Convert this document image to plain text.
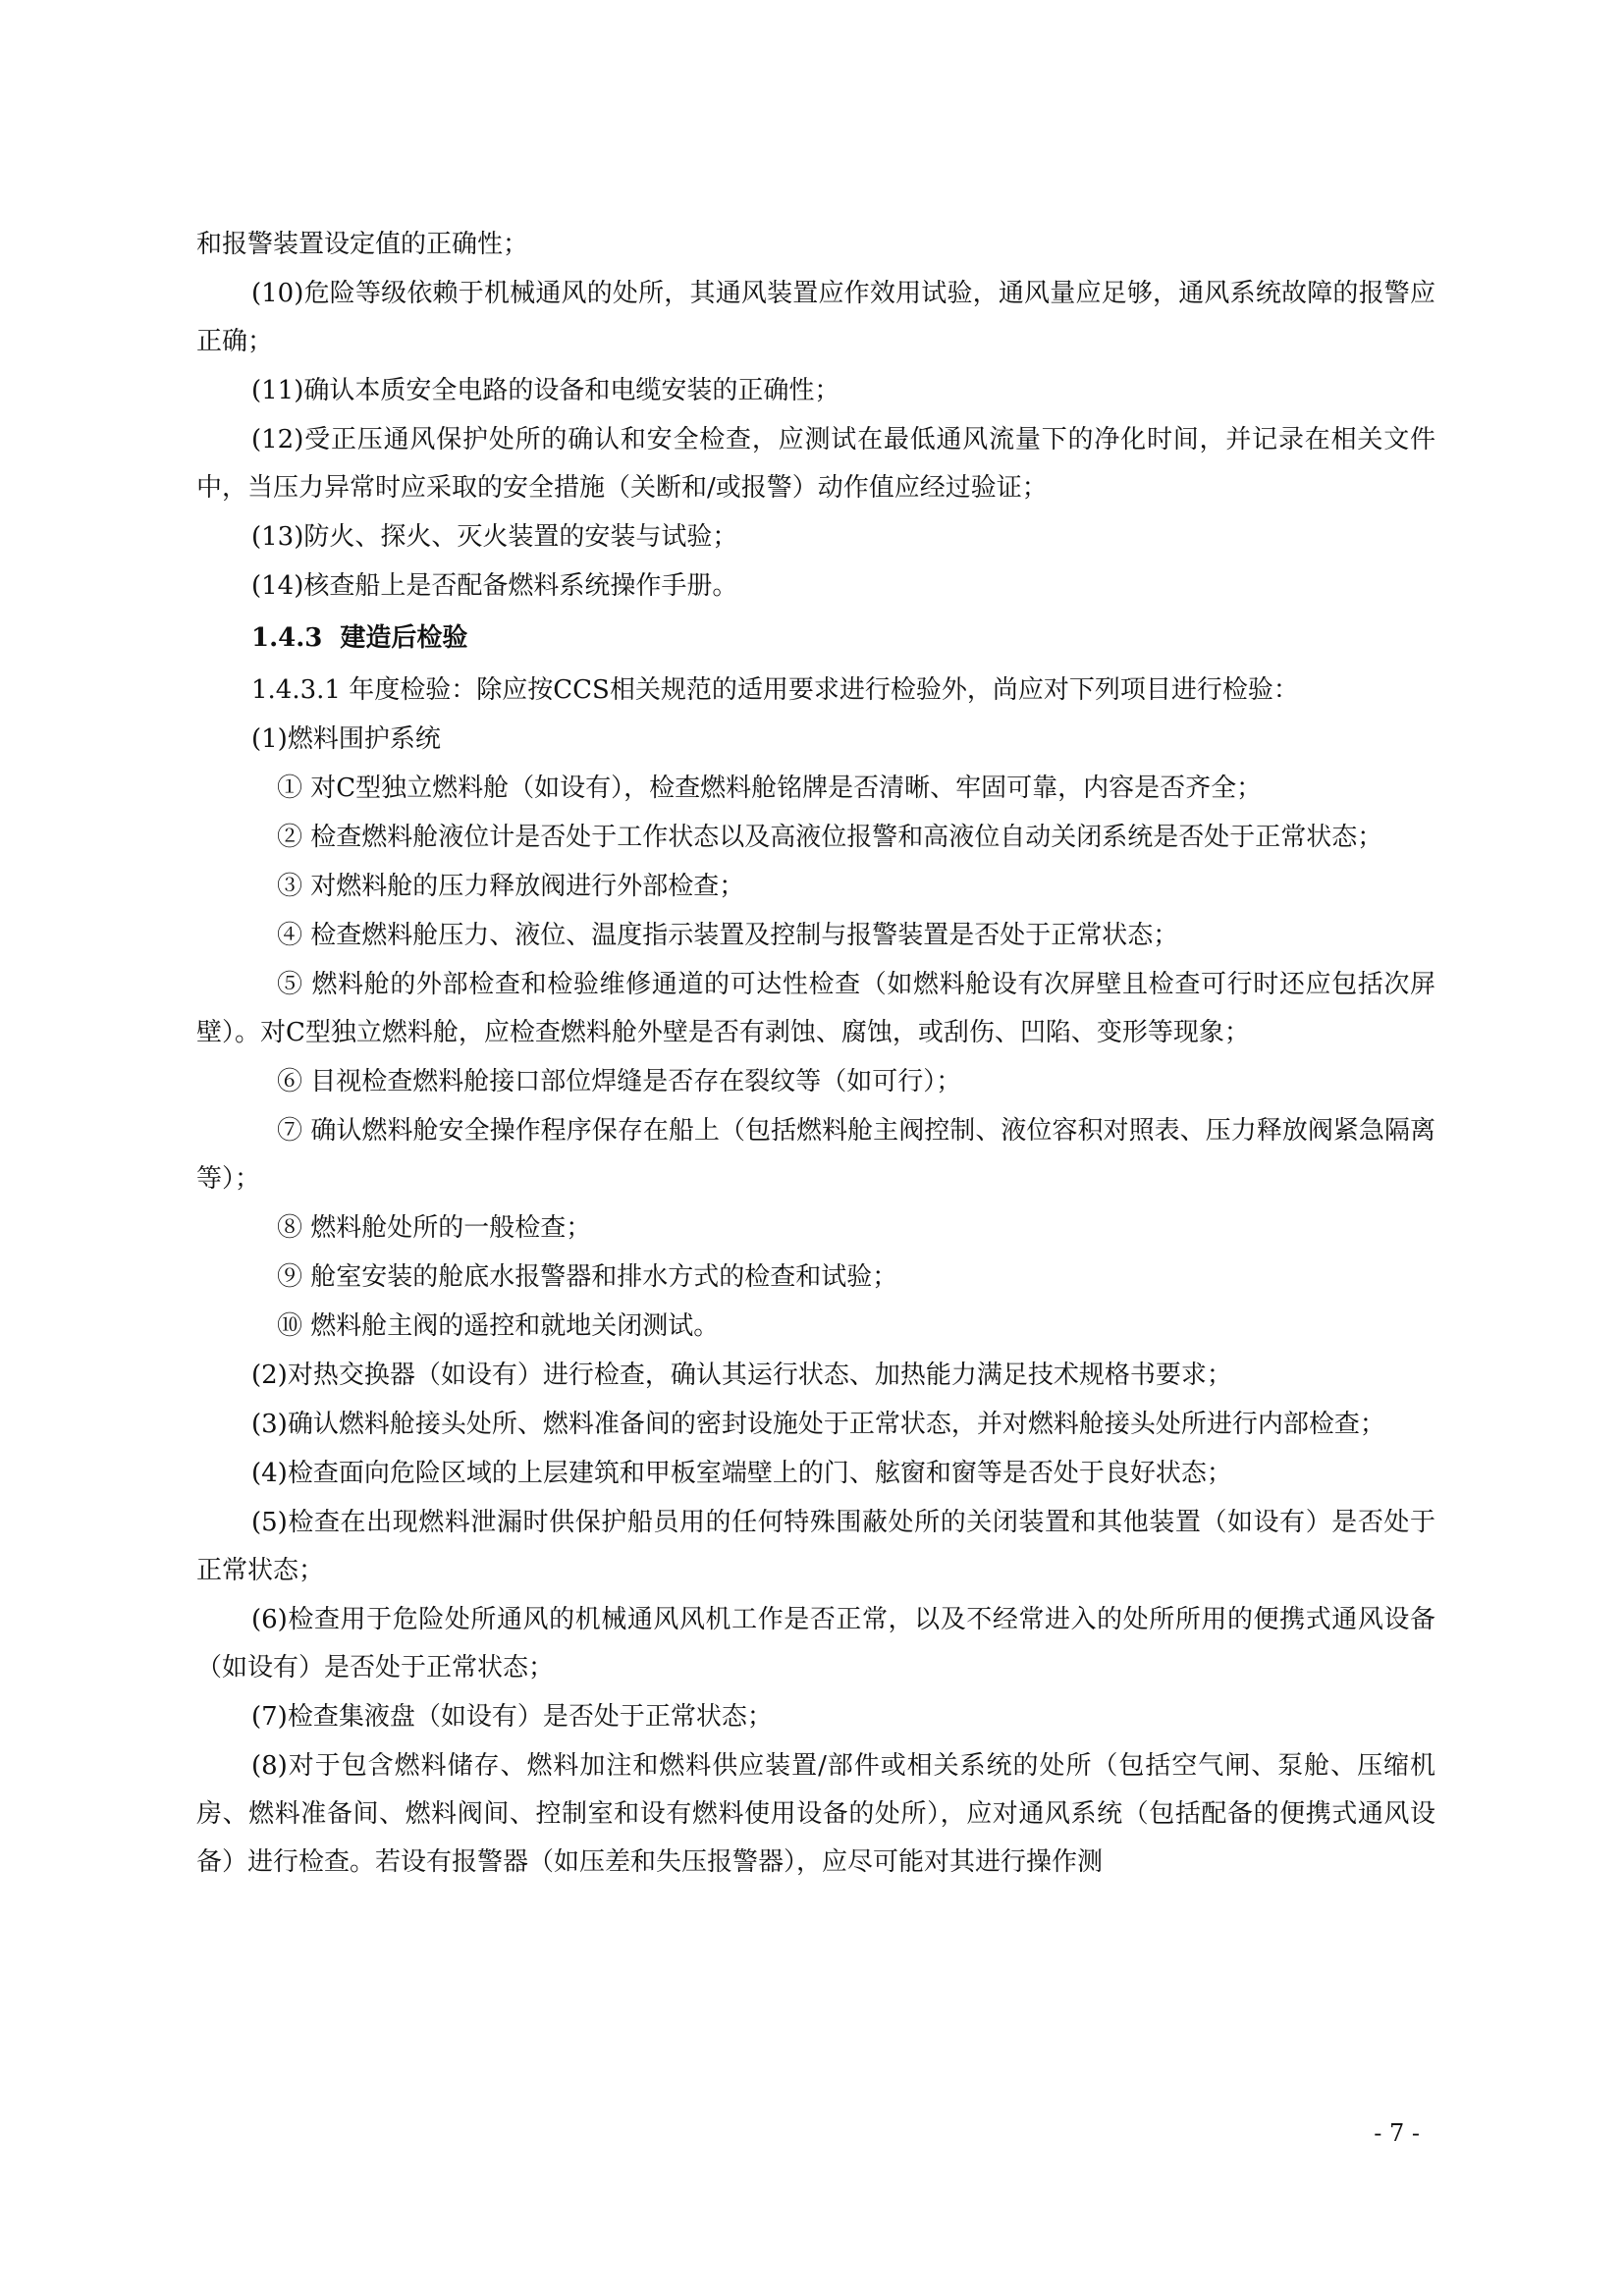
和报警装置设定值的正确性；

(10)危险等级依赖于机械通风的处所，其通风装置应作效用试验，通风量应足够，通风系统故障的报警应正确；

(11)确认本质安全电路的设备和电缆安装的正确性；

(12)受正压通风保护处所的确认和安全检查，应测试在最低通风流量下的净化时间，并记录在相关文件中，当压力异常时应采取的安全措施（关断和/或报警）动作值应经过验证；

(13)防火、探火、灭火装置的安装与试验；

(14)核查船上是否配备燃料系统操作手册。

1.4.3 建造后检验

1.4.3.1 年度检验：除应按CCS相关规范的适用要求进行检验外，尚应对下列项目进行检验：

(1)燃料围护系统

① 对C型独立燃料舱（如设有），检查燃料舱铭牌是否清晰、牢固可靠，内容是否齐全；

② 检查燃料舱液位计是否处于工作状态以及高液位报警和高液位自动关闭系统是否处于正常状态；

③ 对燃料舱的压力释放阀进行外部检查；

④ 检查燃料舱压力、液位、温度指示装置及控制与报警装置是否处于正常状态；

⑤ 燃料舱的外部检查和检验维修通道的可达性检查（如燃料舱设有次屏壁且检查可行时还应包括次屏壁）。对C型独立燃料舱，应检查燃料舱外壁是否有剥蚀、腐蚀，或刮伤、凹陷、变形等现象；

⑥ 目视检查燃料舱接口部位焊缝是否存在裂纹等（如可行）；

⑦ 确认燃料舱安全操作程序保存在船上（包括燃料舱主阀控制、液位容积对照表、压力释放阀紧急隔离等）；

⑧ 燃料舱处所的一般检查；

⑨ 舱室安装的舱底水报警器和排水方式的检查和试验；

⑩ 燃料舱主阀的遥控和就地关闭测试。

(2)对热交换器（如设有）进行检查，确认其运行状态、加热能力满足技术规格书要求；

(3)确认燃料舱接头处所、燃料准备间的密封设施处于正常状态，并对燃料舱接头处所进行内部检查；

(4)检查面向危险区域的上层建筑和甲板室端壁上的门、舷窗和窗等是否处于良好状态；

(5)检查在出现燃料泄漏时供保护船员用的任何特殊围蔽处所的关闭装置和其他装置（如设有）是否处于正常状态；

(6)检查用于危险处所通风的机械通风风机工作是否正常，以及不经常进入的处所所用的便携式通风设备（如设有）是否处于正常状态；

(7)检查集液盘（如设有）是否处于正常状态；

(8)对于包含燃料储存、燃料加注和燃料供应装置/部件或相关系统的处所（包括空气闸、泵舱、压缩机房、燃料准备间、燃料阀间、控制室和设有燃料使用设备的处所），应对通风系统（包括配备的便携式通风设备）进行检查。若设有报警器（如压差和失压报警器），应尽可能对其进行操作测

- 7 -
